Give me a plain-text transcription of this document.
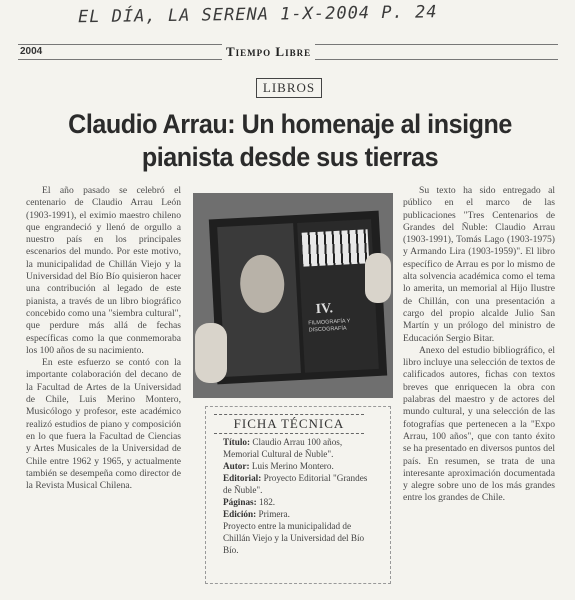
EL DÍA, LA SERENA 1-X-2004 P. 24
2004	Tiempo Libre
LIBROS
Claudio Arrau: Un homenaje al insigne pianista desde sus tierras

El año pasado se celebró el centenario de Claudio Arrau León (1903-1991), el eximio maestro chileno que engrandeció y llenó de orgullo a nuestro país en los principales escenarios del mundo. Por este motivo, la municipalidad de Chillán Viejo y la Universidad del Bío Bío quisieron hacer una contribución al legado de este pianista, a través de un libro biográfico concebido como una "siembra cultural", que perdure más allá de fechas específicas como la que conmemoraba los 100 años de su nacimiento.

En este esfuerzo se contó con la importante colaboración del decano de la Facultad de Artes de la Universidad de Chile, Luis Merino Montero, Musicólogo y profesor, este académico realizó estudios de piano y composición en lo que fuera la Facultad de Ciencias y Artes Musicales de la Universidad de Chile entre 1962 y 1965, y actualmente también se desempeña como director de la Revista Musical Chilena.

IV.
FILMOGRAFÍA Y DISCOGRAFÍA
FICHA TÉCNICA
Título: Claudio Arrau 100 años, Memorial Cultural de Ñuble".
Autor: Luis Merino Montero.
Editorial: Proyecto Editorial "Grandes de Ñuble".
Páginas: 182.
Edición: Primera.
Proyecto entre la municipalidad de Chillán Viejo y la Universidad del Bío Bío.

Su texto ha sido entregado al público en el marco de las publicaciones "Tres Centenarios de Grandes del Ñuble: Claudio Arrau (1903-1991), Tomás Lago (1903-1975) y Armando Lira (1903-1959)". El libro específico de Arrau es por lo mismo de alta solvencia académica como el tema lo amerita, un memorial al Hijo Ilustre de Chillán, con una presentación a cargo del propio alcalde Julio San Martín y un prólogo del ministro de Educación Sergio Bitar.

Anexo del estudio bibliográfico, el libro incluye una selección de textos de calificados autores, fichas con textos breves que enriquecen la obra con palabras del maestro y de actores del mundo cultural, y una selección de las fotografías que pertenecen a la "Expo Arrau, 100 años", que con tanto éxito se ha presentado en diversos puntos del país. En resumen, se trata de una interesante aproximación documentada y alegre sobre uno de los más grandes entre los grandes de Chile.
